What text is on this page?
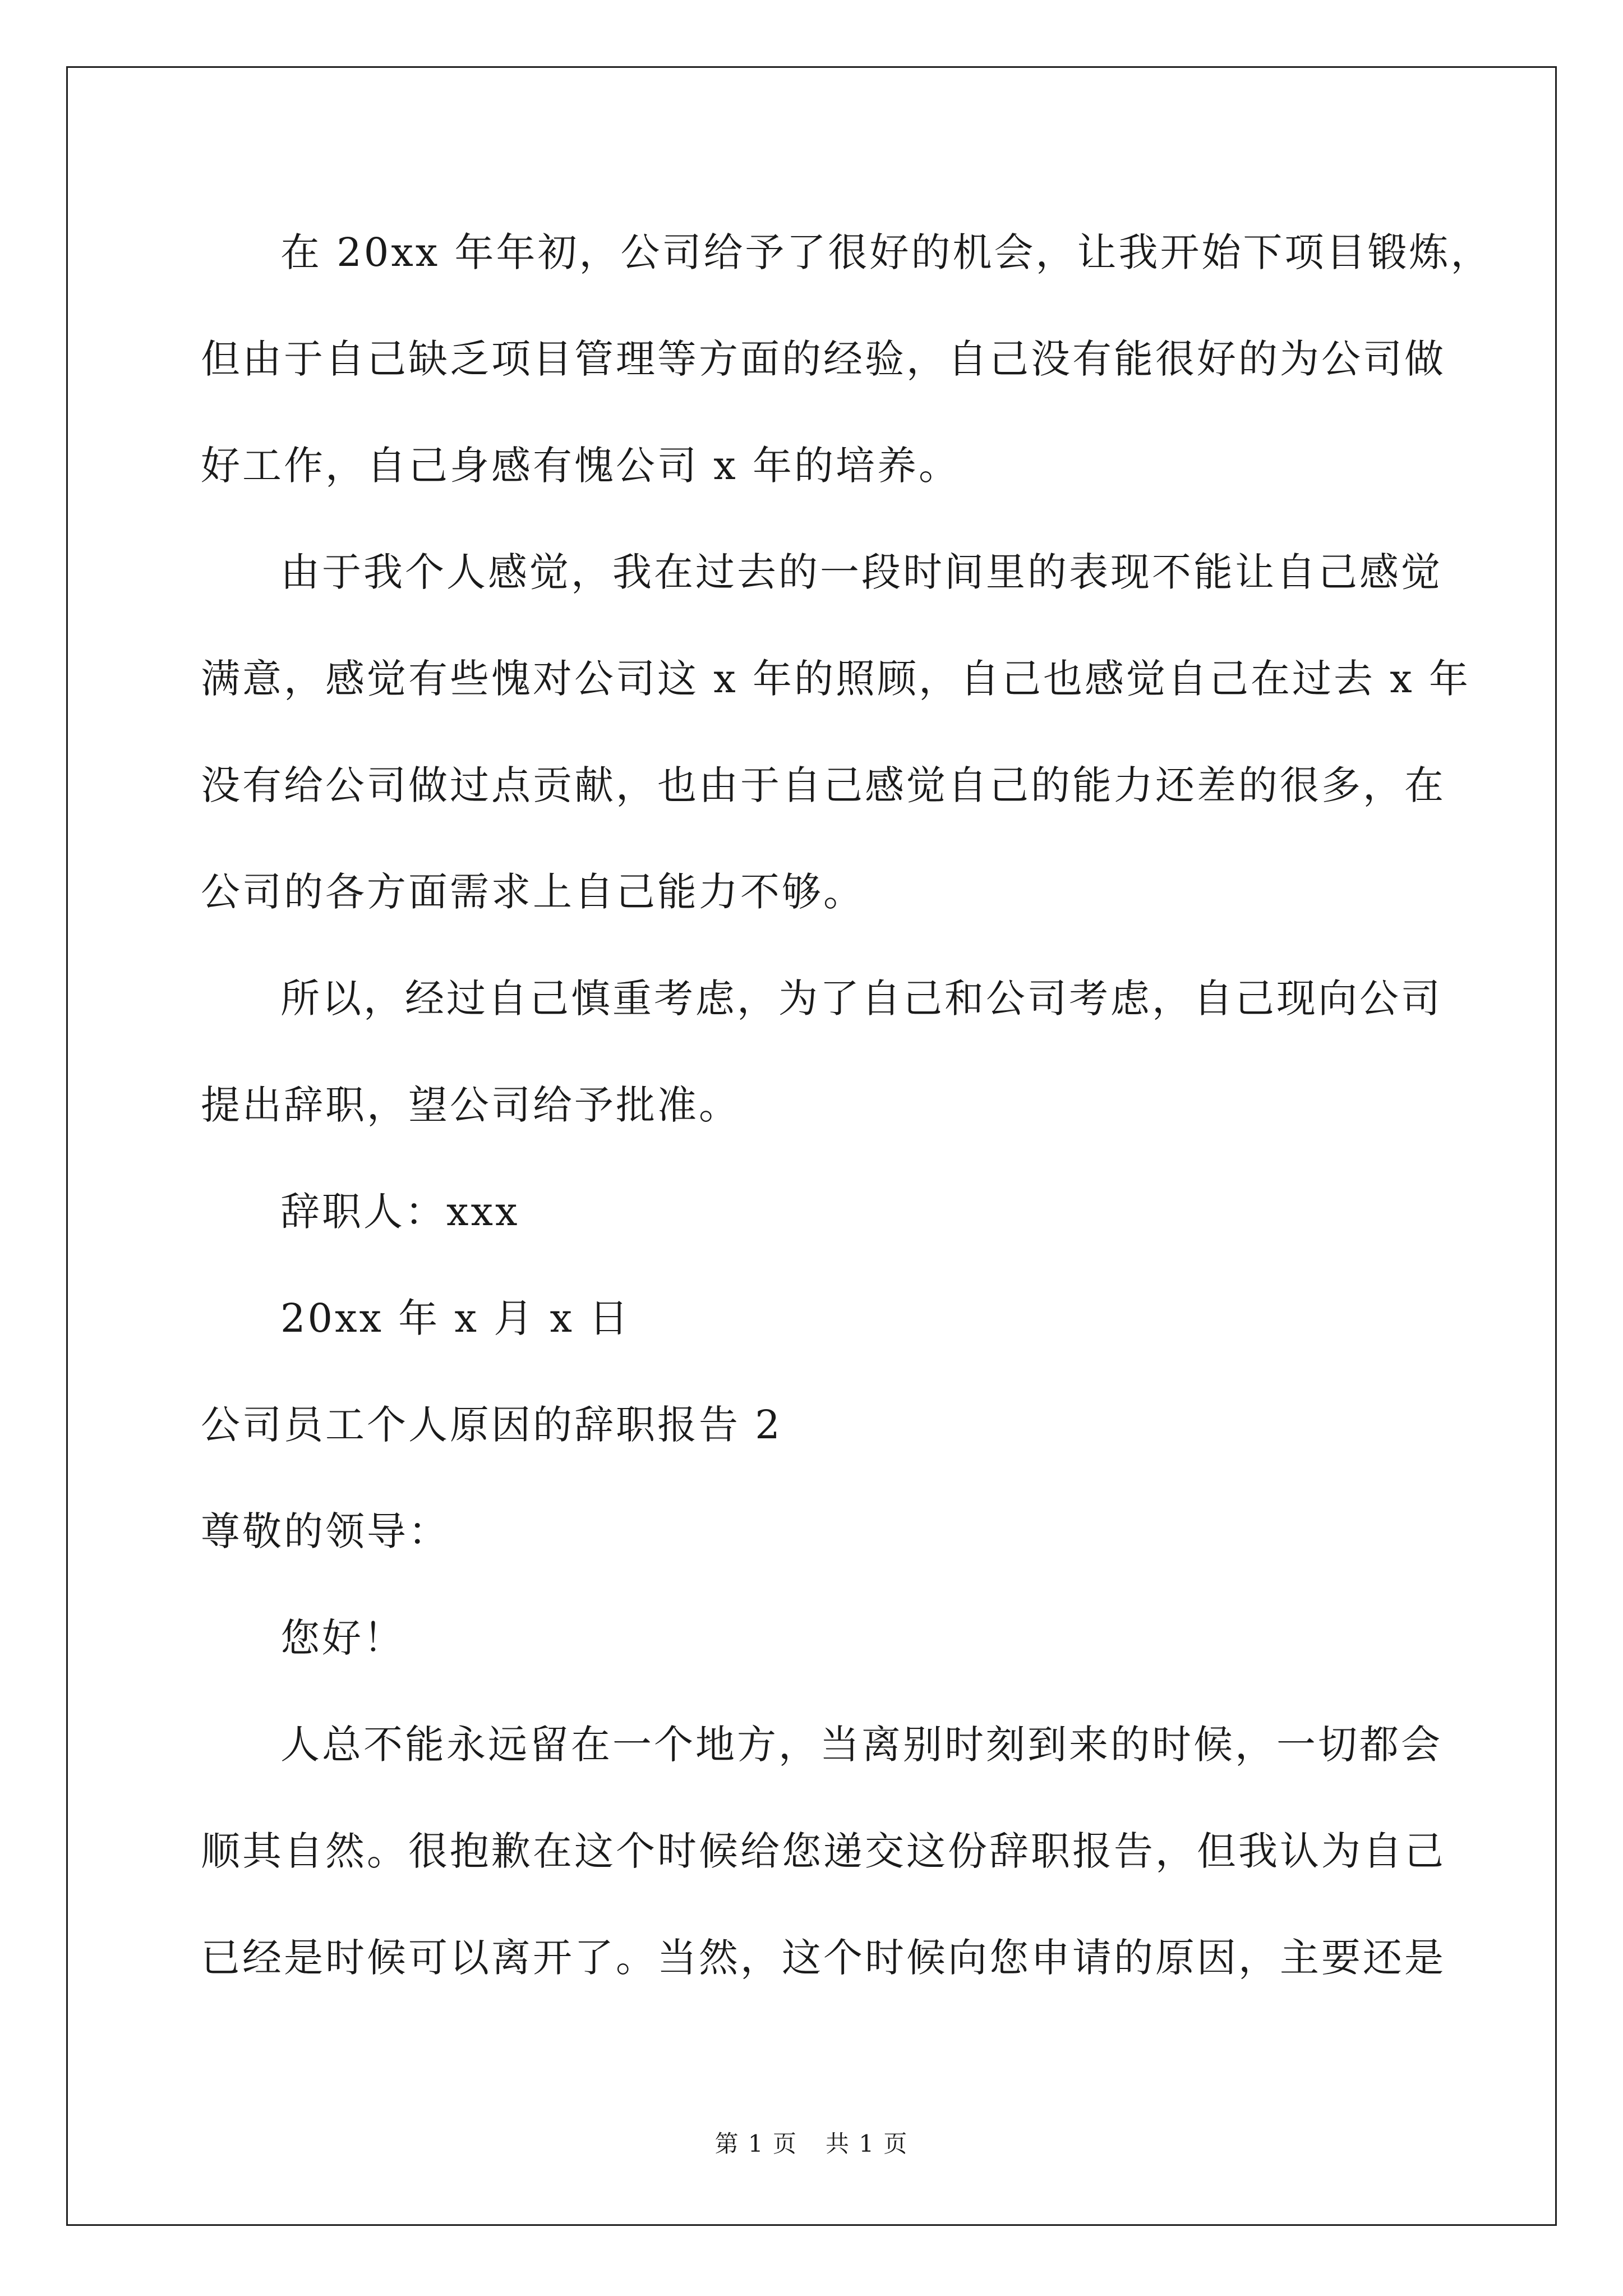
在 20xx 年年初，公司给予了很好的机会，让我开始下项目锻炼，
但由于自己缺乏项目管理等方面的经验，自己没有能很好的为公司做
好工作，自己身感有愧公司 x 年的培养。
由于我个人感觉，我在过去的一段时间里的表现不能让自己感觉
满意，感觉有些愧对公司这 x 年的照顾，自己也感觉自己在过去 x 年
没有给公司做过点贡献，也由于自己感觉自己的能力还差的很多，在
公司的各方面需求上自己能力不够。
所以，经过自己慎重考虑，为了自己和公司考虑，自己现向公司
提出辞职，望公司给予批准。
辞职人：xxx
20xx 年 x 月 x 日
公司员工个人原因的辞职报告 2
尊敬的领导：
您好！
人总不能永远留在一个地方，当离别时刻到来的时候，一切都会
顺其自然。很抱歉在这个时候给您递交这份辞职报告，但我认为自己
已经是时候可以离开了。当然，这个时候向您申请的原因，主要还是
第 1 页 共 1 页
